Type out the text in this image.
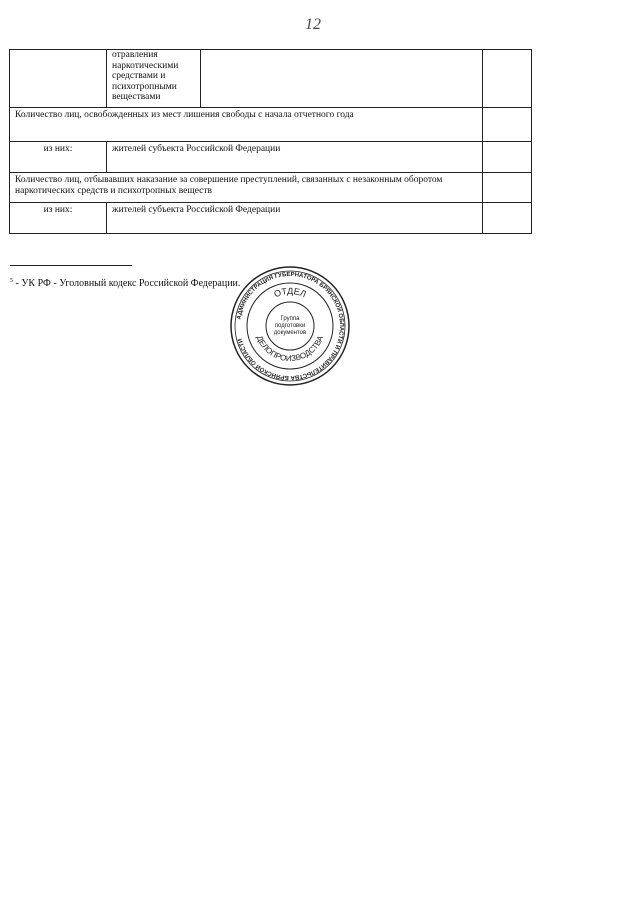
12

	отравления
наркотическими
средствами и
психотропными
веществами		

Количество лиц, освобожденных из мест лишения свободы с начала отчетного года			
из них:	жителей субъекта Российской Федерации		
Количество лиц, отбывавших наказание за совершение преступлений, связанных с незаконным оборотом наркотических средств и психотропных веществ			
из них:	жителей субъекта Российской Федерации		
$^5$ - УК РФ - Уголовный кодекс Российской Федерации.
АДМИНИСТРАЦИЯ ГУБЕРНАТОРА БРЯНСКОЙ ОБЛАСТИ И ПРАВИТЕЛЬСТВА БРЯНСКОЙ ОБЛАСТИ
ОТДЕЛ
ДЕЛОПРОИЗВОДСТВА
Группа
подготовки
документов
